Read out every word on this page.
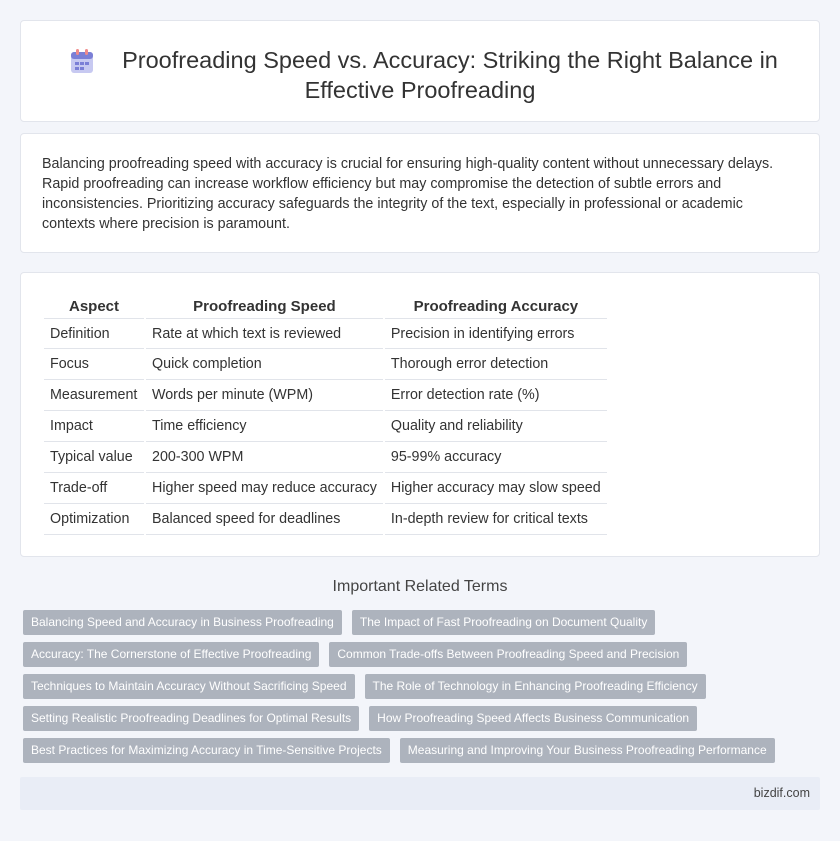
Proofreading Speed vs. Accuracy: Striking the Right Balance in
Effective Proofreading

Balancing proofreading speed with accuracy is crucial for ensuring high-quality content without unnecessary delays. Rapid proofreading can increase workflow efficiency but may compromise the detection of subtle errors and inconsistencies. Prioritizing accuracy safeguards the integrity of the text, especially in professional or academic contexts where precision is paramount.

Aspect	Proofreading Speed	Proofreading Accuracy
Definition	Rate at which text is reviewed	Precision in identifying errors
Focus	Quick completion	Thorough error detection
Measurement	Words per minute (WPM)	Error detection rate (%)
Impact	Time efficiency	Quality and reliability
Typical value	200-300 WPM	95-99% accuracy
Trade-off	Higher speed may reduce accuracy	Higher accuracy may slow speed
Optimization	Balanced speed for deadlines	In-depth review for critical texts
Important Related Terms
Balancing Speed and Accuracy in Business Proofreading	The Impact of Fast Proofreading on Document Quality
Accuracy: The Cornerstone of Effective Proofreading	Common Trade-offs Between Proofreading Speed and Precision
Techniques to Maintain Accuracy Without Sacrificing Speed	The Role of Technology in Enhancing Proofreading Efficiency
Setting Realistic Proofreading Deadlines for Optimal Results	How Proofreading Speed Affects Business Communication
Best Practices for Maximizing Accuracy in Time-Sensitive Projects	Measuring and Improving Your Business Proofreading Performance
bizdif.com
